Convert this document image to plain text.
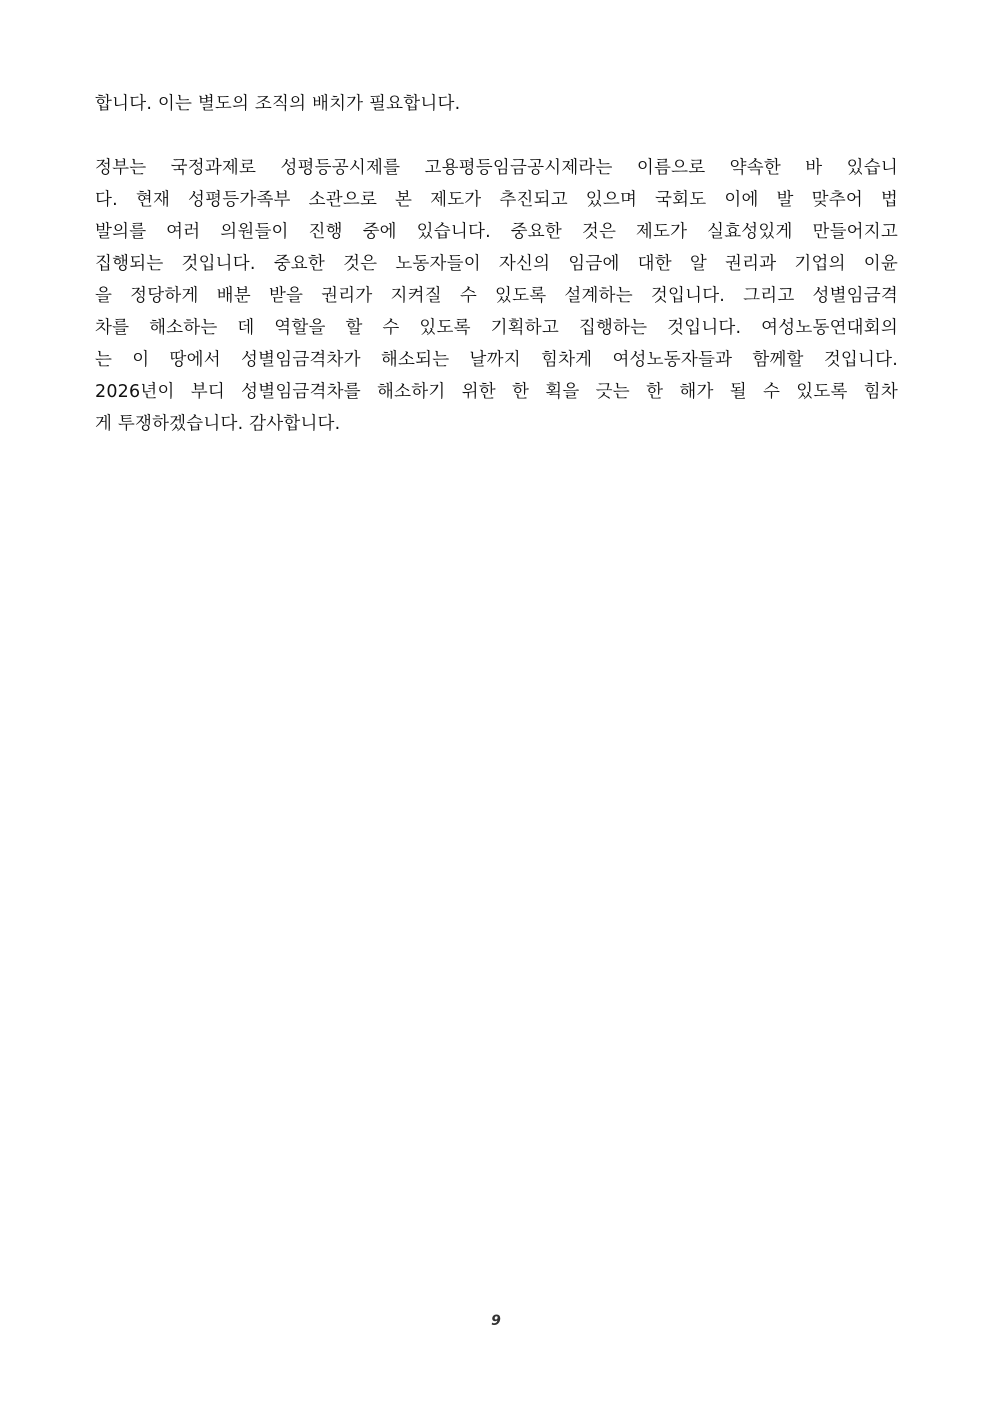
합니다. 이는 별도의 조직의 배치가 필요합니다.
정부는 국정과제로 성평등공시제를 고용평등임금공시제라는 이름으로 약속한 바 있습니
다. 현재 성평등가족부 소관으로 본 제도가 추진되고 있으며 국회도 이에 발 맞추어 법
발의를 여러 의원들이 진행 중에 있습니다. 중요한 것은 제도가 실효성있게 만들어지고
집행되는 것입니다. 중요한 것은 노동자들이 자신의 임금에 대한 알 권리과 기업의 이윤
을 정당하게 배분 받을 권리가 지켜질 수 있도록 설계하는 것입니다. 그리고 성별임금격
차를 해소하는 데 역할을 할 수 있도록 기획하고 집행하는 것입니다. 여성노동연대회의
는 이 땅에서 성별임금격차가 해소되는 날까지 힘차게 여성노동자들과 함께할 것입니다.
2026년이 부디 성별임금격차를 해소하기 위한 한 획을 긋는 한 해가 될 수 있도록 힘차
게 투쟁하겠습니다. 감사합니다.
9
